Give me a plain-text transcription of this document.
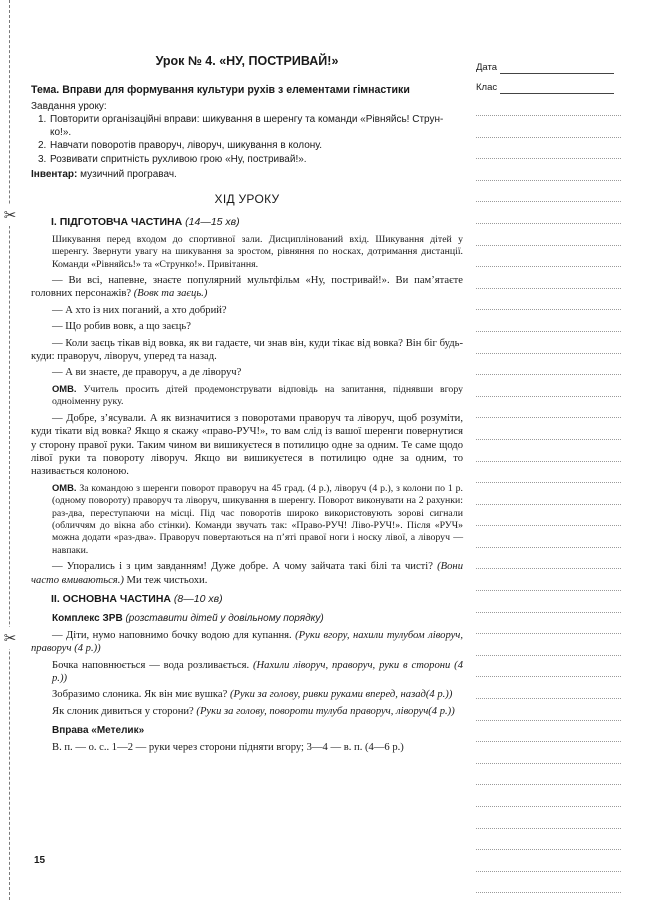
✂
✂
Урок № 4. «НУ, ПОСТРИВАЙ!»

Тема. Вправи для формування культури рухів з елементами гімнастики

Завдання уроку:
1. Повторити організаційні вправи: шикування в шеренгу та команди «Рівняйсь! Струн-ко!».
2. Навчати поворотів праворуч, ліворуч, шикування в колону.
3. Розвивати спритність рухливою грою «Ну, постривай!».

Інвентар: музичний програвач.

ХІД УРОКУ
I. ПІДГОТОВЧА ЧАСТИНА (14—15 хв)

Шикування перед входом до спортивної зали. Дисциплінований вхід. Шикування дітей у шеренгу. Звернути увагу на шикування за зростом, рівняння по носках, дотримання дистанції. Команди «Рівняйсь!» та «Струнко!». Привітання.

— Ви всі, напевне, знаєте популярний мультфільм «Ну, постривай!». Ви пам’ятаєте головних персонажів? (Вовк та заєць.)

— А хто із них поганий, а хто добрий?

— Що робив вовк, а що заєць?

— Коли заєць тікав від вовка, як ви гадаєте, чи знав він, куди тікає від вовка? Він біг будь-куди: праворуч, ліворуч, уперед та назад.

— А ви знаєте, де праворуч, а де ліворуч?

ОМВ. Учитель просить дітей продемонструвати відповідь на запитання, піднявши вгору одноіменну руку.

— Добре, з’ясували. А як визначитися з поворотами праворуч та ліворуч, щоб розуміти, куди тікати від вовка? Якщо я скажу «право-РУЧ!», то вам слід із вашої шеренги повернутися у сторону правої руки. Таким чином ви вишикуєтеся в потилицю одне за одним. Те саме щодо лівої руки та повороту ліворуч. Якщо ви вишикуєтеся в потилицю одне за одним, то називається колоною.

ОМВ. За командою з шеренги поворот праворуч на 45 град. (4 р.), ліворуч (4 р.), з колони по 1 р. (одному повороту) праворуч та ліворуч, шикування в шеренгу. Поворот виконувати на 2 рахунки: раз-два, переступаючи на місці. Під час поворотів широко використовують зорові сигнали (обличчям до вікна або стінки). Команди звучать так: «Право-РУЧ! Ліво-РУЧ!». Після «РУЧ» можна додати «раз-два». Праворуч повертаються на п’яті правої ноги і носку лівої, а ліворуч — навпаки.

— Упорались і з цим завданням! Дуже добре. А чому зайчата такі білі та чисті? (Вони часто вмиваються.) Ми теж чистьохи.

II. ОСНОВНА ЧАСТИНА (8—10 хв)
Комплекс ЗРВ (розставити дітей у довільному порядку)

— Діти, нумо наповнимо бочку водою для купання. (Руки вгору, нахили тулубом ліворуч, праворуч (4 р.))

Бочка наповнюється — вода розливається. (Нахили ліворуч, праворуч, руки в сторони (4 р.))

Зобразимо слоника. Як він миє вушка? (Руки за голову, ривки руками вперед, назад(4 р.))

Як слоник дивиться у сторони? (Руки за голову, повороти тулуба праворуч, ліворуч(4 р.))

Вправа «Метелик»

В. п. — о. с.. 1—2 — руки через сторони підняти вгору; 3—4 — в. п. (4—6 р.)

15
Дата
Клас
